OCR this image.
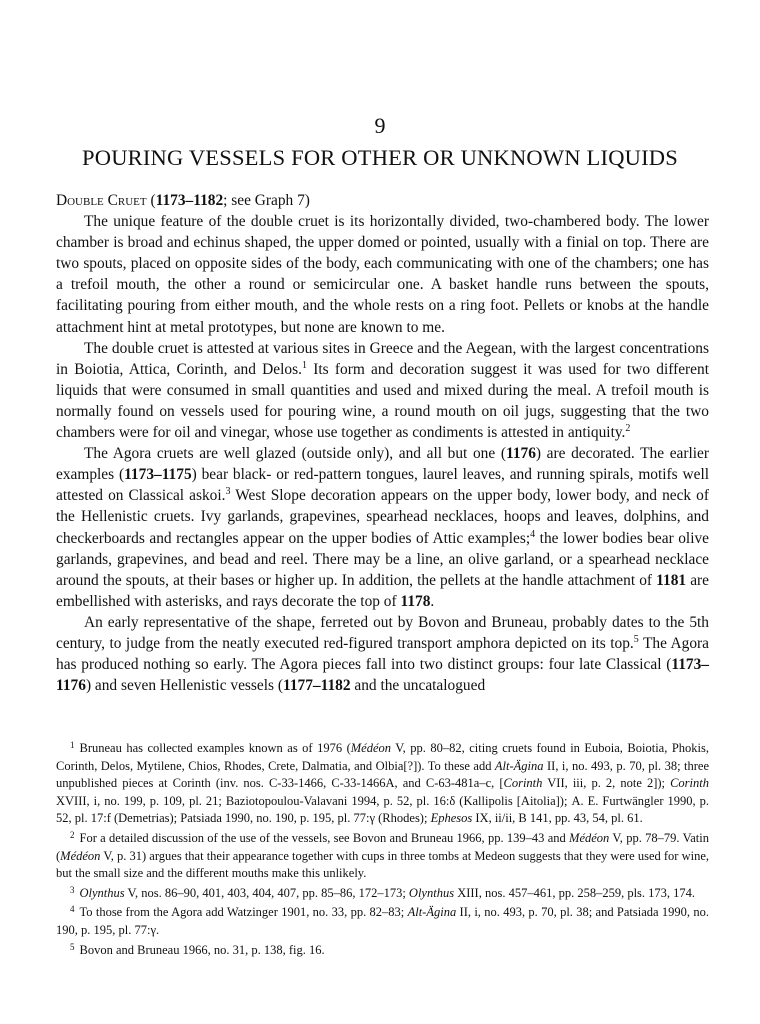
9
POURING VESSELS FOR OTHER OR UNKNOWN LIQUIDS

Double Cruet (1173–1182; see Graph 7)

The unique feature of the double cruet is its horizontally divided, two-chambered body. The lower chamber is broad and echinus shaped, the upper domed or pointed, usually with a finial on top. There are two spouts, placed on opposite sides of the body, each communicating with one of the chambers; one has a trefoil mouth, the other a round or semicircular one. A basket handle runs between the spouts, facilitating pouring from either mouth, and the whole rests on a ring foot. Pellets or knobs at the handle attachment hint at metal prototypes, but none are known to me.

The double cruet is attested at various sites in Greece and the Aegean, with the largest concentrations in Boiotia, Attica, Corinth, and Delos.$^1$ Its form and decoration suggest it was used for two different liquids that were consumed in small quantities and used and mixed during the meal. A trefoil mouth is normally found on vessels used for pouring wine, a round mouth on oil jugs, suggesting that the two chambers were for oil and vinegar, whose use together as condiments is attested in antiquity.$^2$

The Agora cruets are well glazed (outside only), and all but one (1176) are decorated. The earlier examples (1173–1175) bear black- or red-pattern tongues, laurel leaves, and running spirals, motifs well attested on Classical askoi.$^3$ West Slope decoration appears on the upper body, lower body, and neck of the Hellenistic cruets. Ivy garlands, grapevines, spearhead necklaces, hoops and leaves, dolphins, and checkerboards and rectangles appear on the upper bodies of Attic examples;$^4$ the lower bodies bear olive garlands, grapevines, and bead and reel. There may be a line, an olive garland, or a spearhead necklace around the spouts, at their bases or higher up. In addition, the pellets at the handle attachment of 1181 are embellished with asterisks, and rays decorate the top of 1178.

An early representative of the shape, ferreted out by Bovon and Bruneau, probably dates to the 5th century, to judge from the neatly executed red-figured transport amphora depicted on its top.$^5$ The Agora has produced nothing so early. The Agora pieces fall into two distinct groups: four late Classical (1173–1176) and seven Hellenistic vessels (1177–1182 and the uncatalogued

$^1$ Bruneau has collected examples known as of 1976 (Médéon V, pp. 80–82, citing cruets found in Euboia, Boiotia, Phokis, Corinth, Delos, Mytilene, Chios, Rhodes, Crete, Dalmatia, and Olbia[?]). To these add Alt-Ägina II, i, no. 493, p. 70, pl. 38; three unpublished pieces at Corinth (inv. nos. C-33-1466, C-33-1466A, and C-63-481a–c, [Corinth VII, iii, p. 2, note 2]); Corinth XVIII, i, no. 199, p. 109, pl. 21; Baziotopoulou-Valavani 1994, p. 52, pl. 16:δ (Kallipolis [Aitolia]); A. E. Furtwängler 1990, p. 52, pl. 17:f (Demetrias); Patsiada 1990, no. 190, p. 195, pl. 77:γ (Rhodes); Ephesos IX, ii/ii, B 141, pp. 43, 54, pl. 61.

$^2$ For a detailed discussion of the use of the vessels, see Bovon and Bruneau 1966, pp. 139–43 and Médéon V, pp. 78–79. Vatin (Médéon V, p. 31) argues that their appearance together with cups in three tombs at Medeon suggests that they were used for wine, but the small size and the different mouths make this unlikely.

$^3$ Olynthus V, nos. 86–90, 401, 403, 404, 407, pp. 85–86, 172–173; Olynthus XIII, nos. 457–461, pp. 258–259, pls. 173, 174.

$^4$ To those from the Agora add Watzinger 1901, no. 33, pp. 82–83; Alt-Ägina II, i, no. 493, p. 70, pl. 38; and Patsiada 1990, no. 190, p. 195, pl. 77:γ.

$^5$ Bovon and Bruneau 1966, no. 31, p. 138, fig. 16.
